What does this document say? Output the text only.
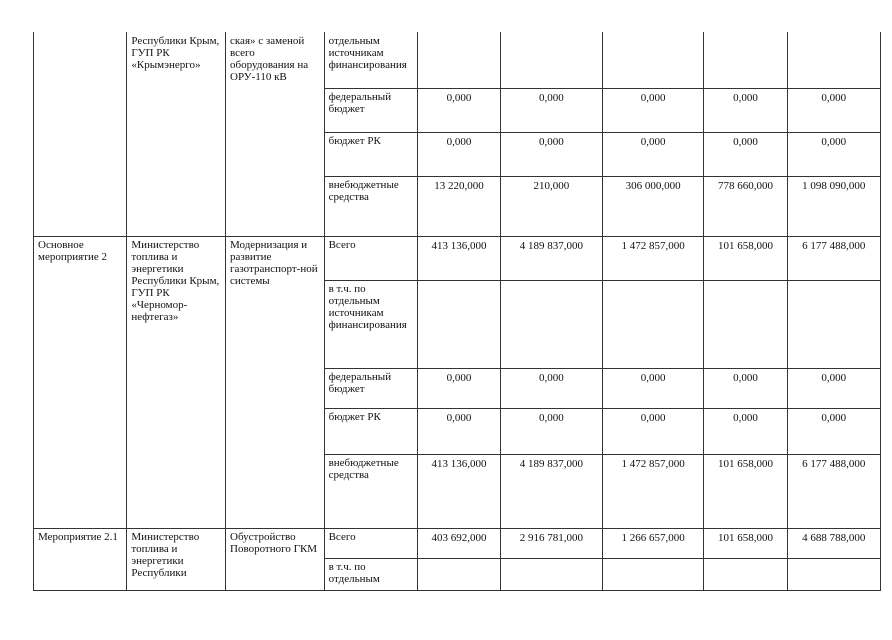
	Республики Крым, ГУП РК «Крымэнерго»	ская» с заменой всего оборудования на ОРУ-110 кВ	отдельным источникам финансирования					
			федеральный бюджет	0,000	0,000	0,000	0,000	0,000
			бюджет РК	0,000	0,000	0,000	0,000	0,000
			внебюджетные средства	13 220,000	210,000	306 000,000	778 660,000	1 098 090,000
Основное мероприятие 2	Министерство топлива и энергетики Республики Крым, ГУП РК «Черномор-нефтегаз»	Модернизация и развитие газотранспорт-ной системы	Всего	413 136,000	4 189 837,000	1 472 857,000	101 658,000	6 177 488,000
			в т.ч. по отдельным источникам финансирования					
			федеральный бюджет	0,000	0,000	0,000	0,000	0,000
			бюджет РК	0,000	0,000	0,000	0,000	0,000
			внебюджетные средства	413 136,000	4 189 837,000	1 472 857,000	101 658,000	6 177 488,000
Мероприятие 2.1	Министерство топлива и энергетики Республики	Обустройство Поворотного ГКМ	Всего	403 692,000	2 916 781,000	1 266 657,000	101 658,000	4 688 788,000
			в т.ч. по отдельным					
